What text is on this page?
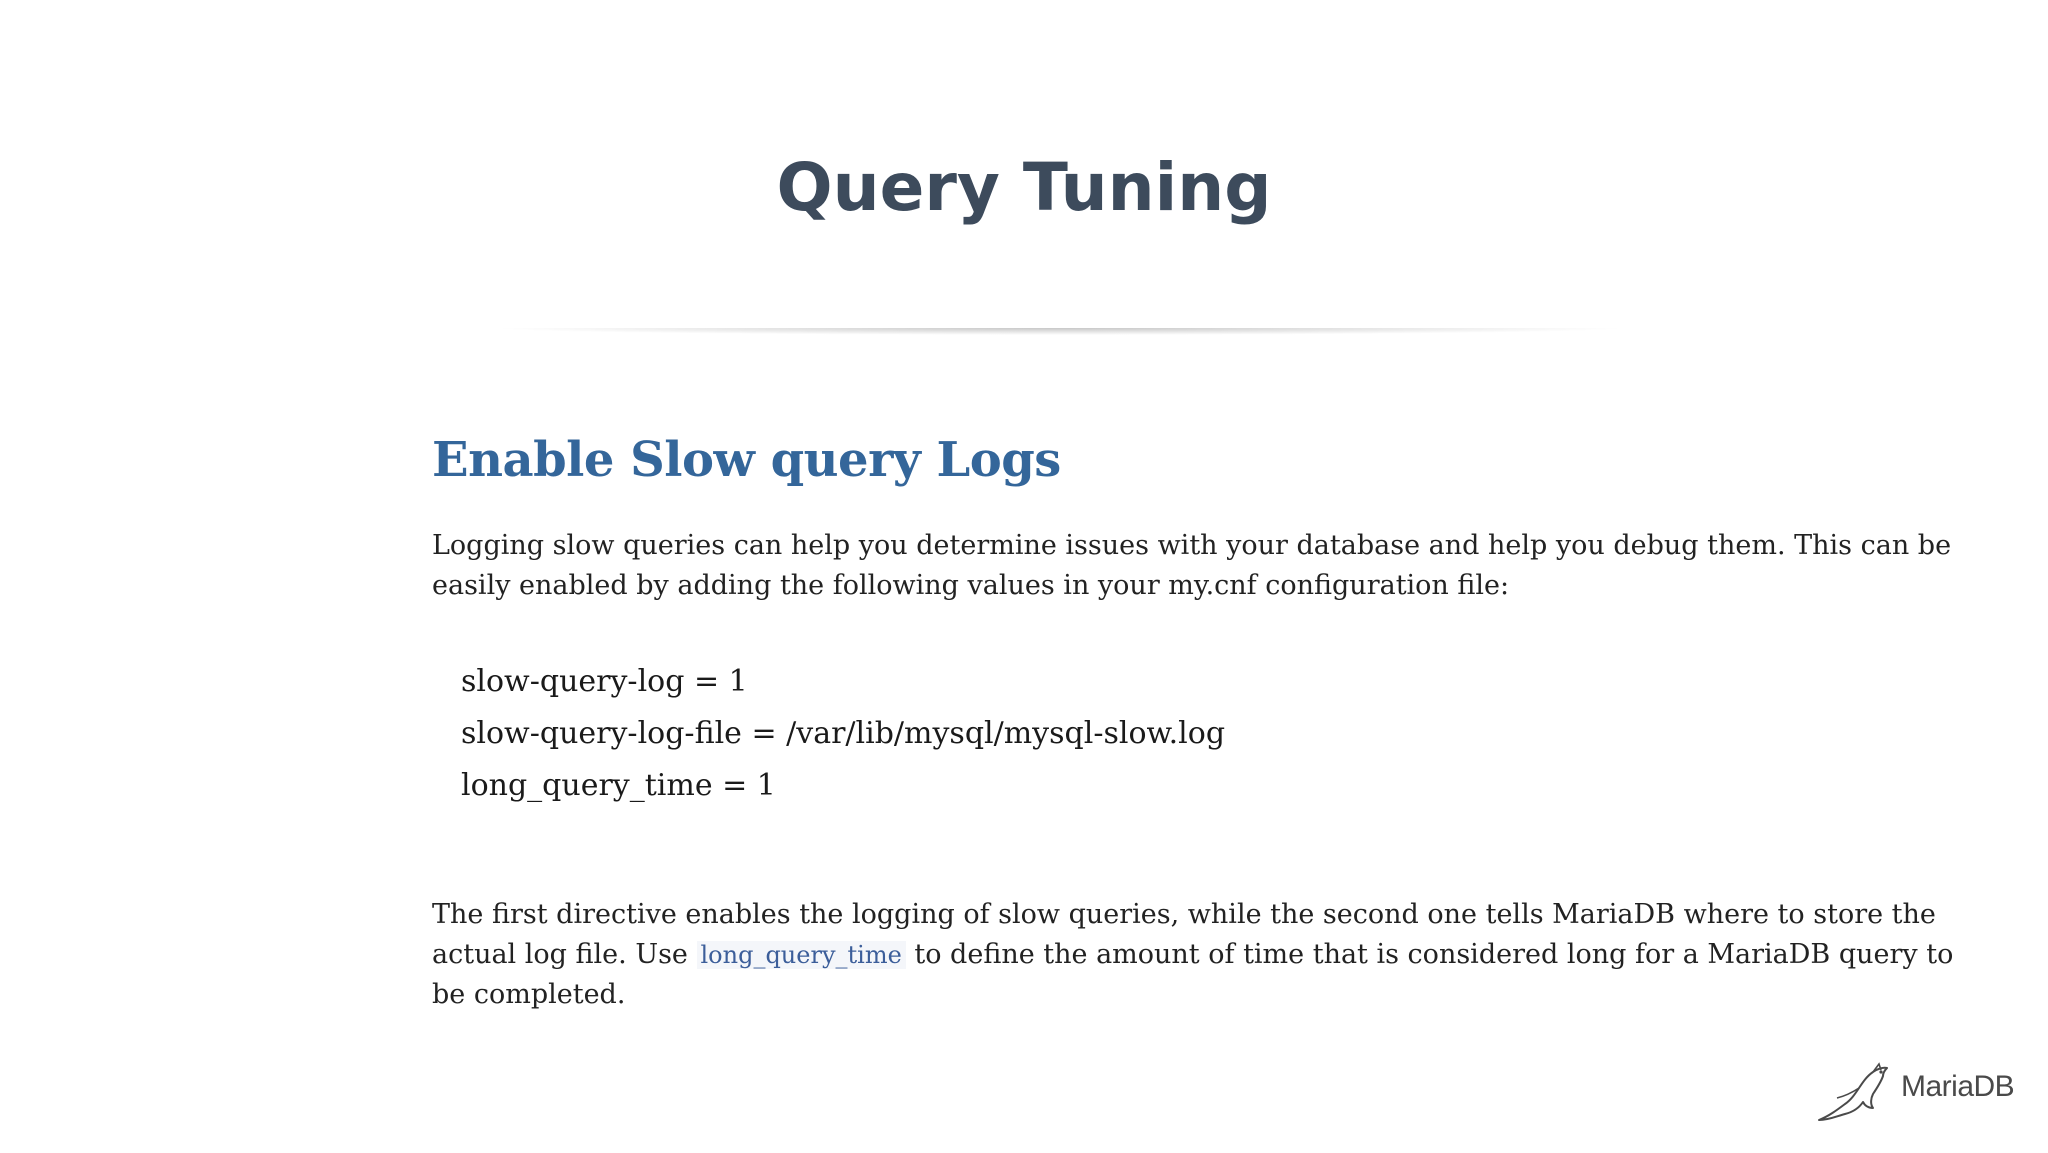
Query Tuning
Enable Slow query Logs

Logging slow queries can help you determine issues with your database and help you debug them. This can be easily enabled by adding the following values in your my.cnf configuration file:

slow-query-log = 1
slow-query-log-file = /var/lib/mysql/mysql-slow.log
long_query_time = 1

The first directive enables the logging of slow queries, while the second one tells MariaDB where to store the actual log file. Use long_query_time to define the amount of time that is considered long for a MariaDB query to be completed.

MariaDB
